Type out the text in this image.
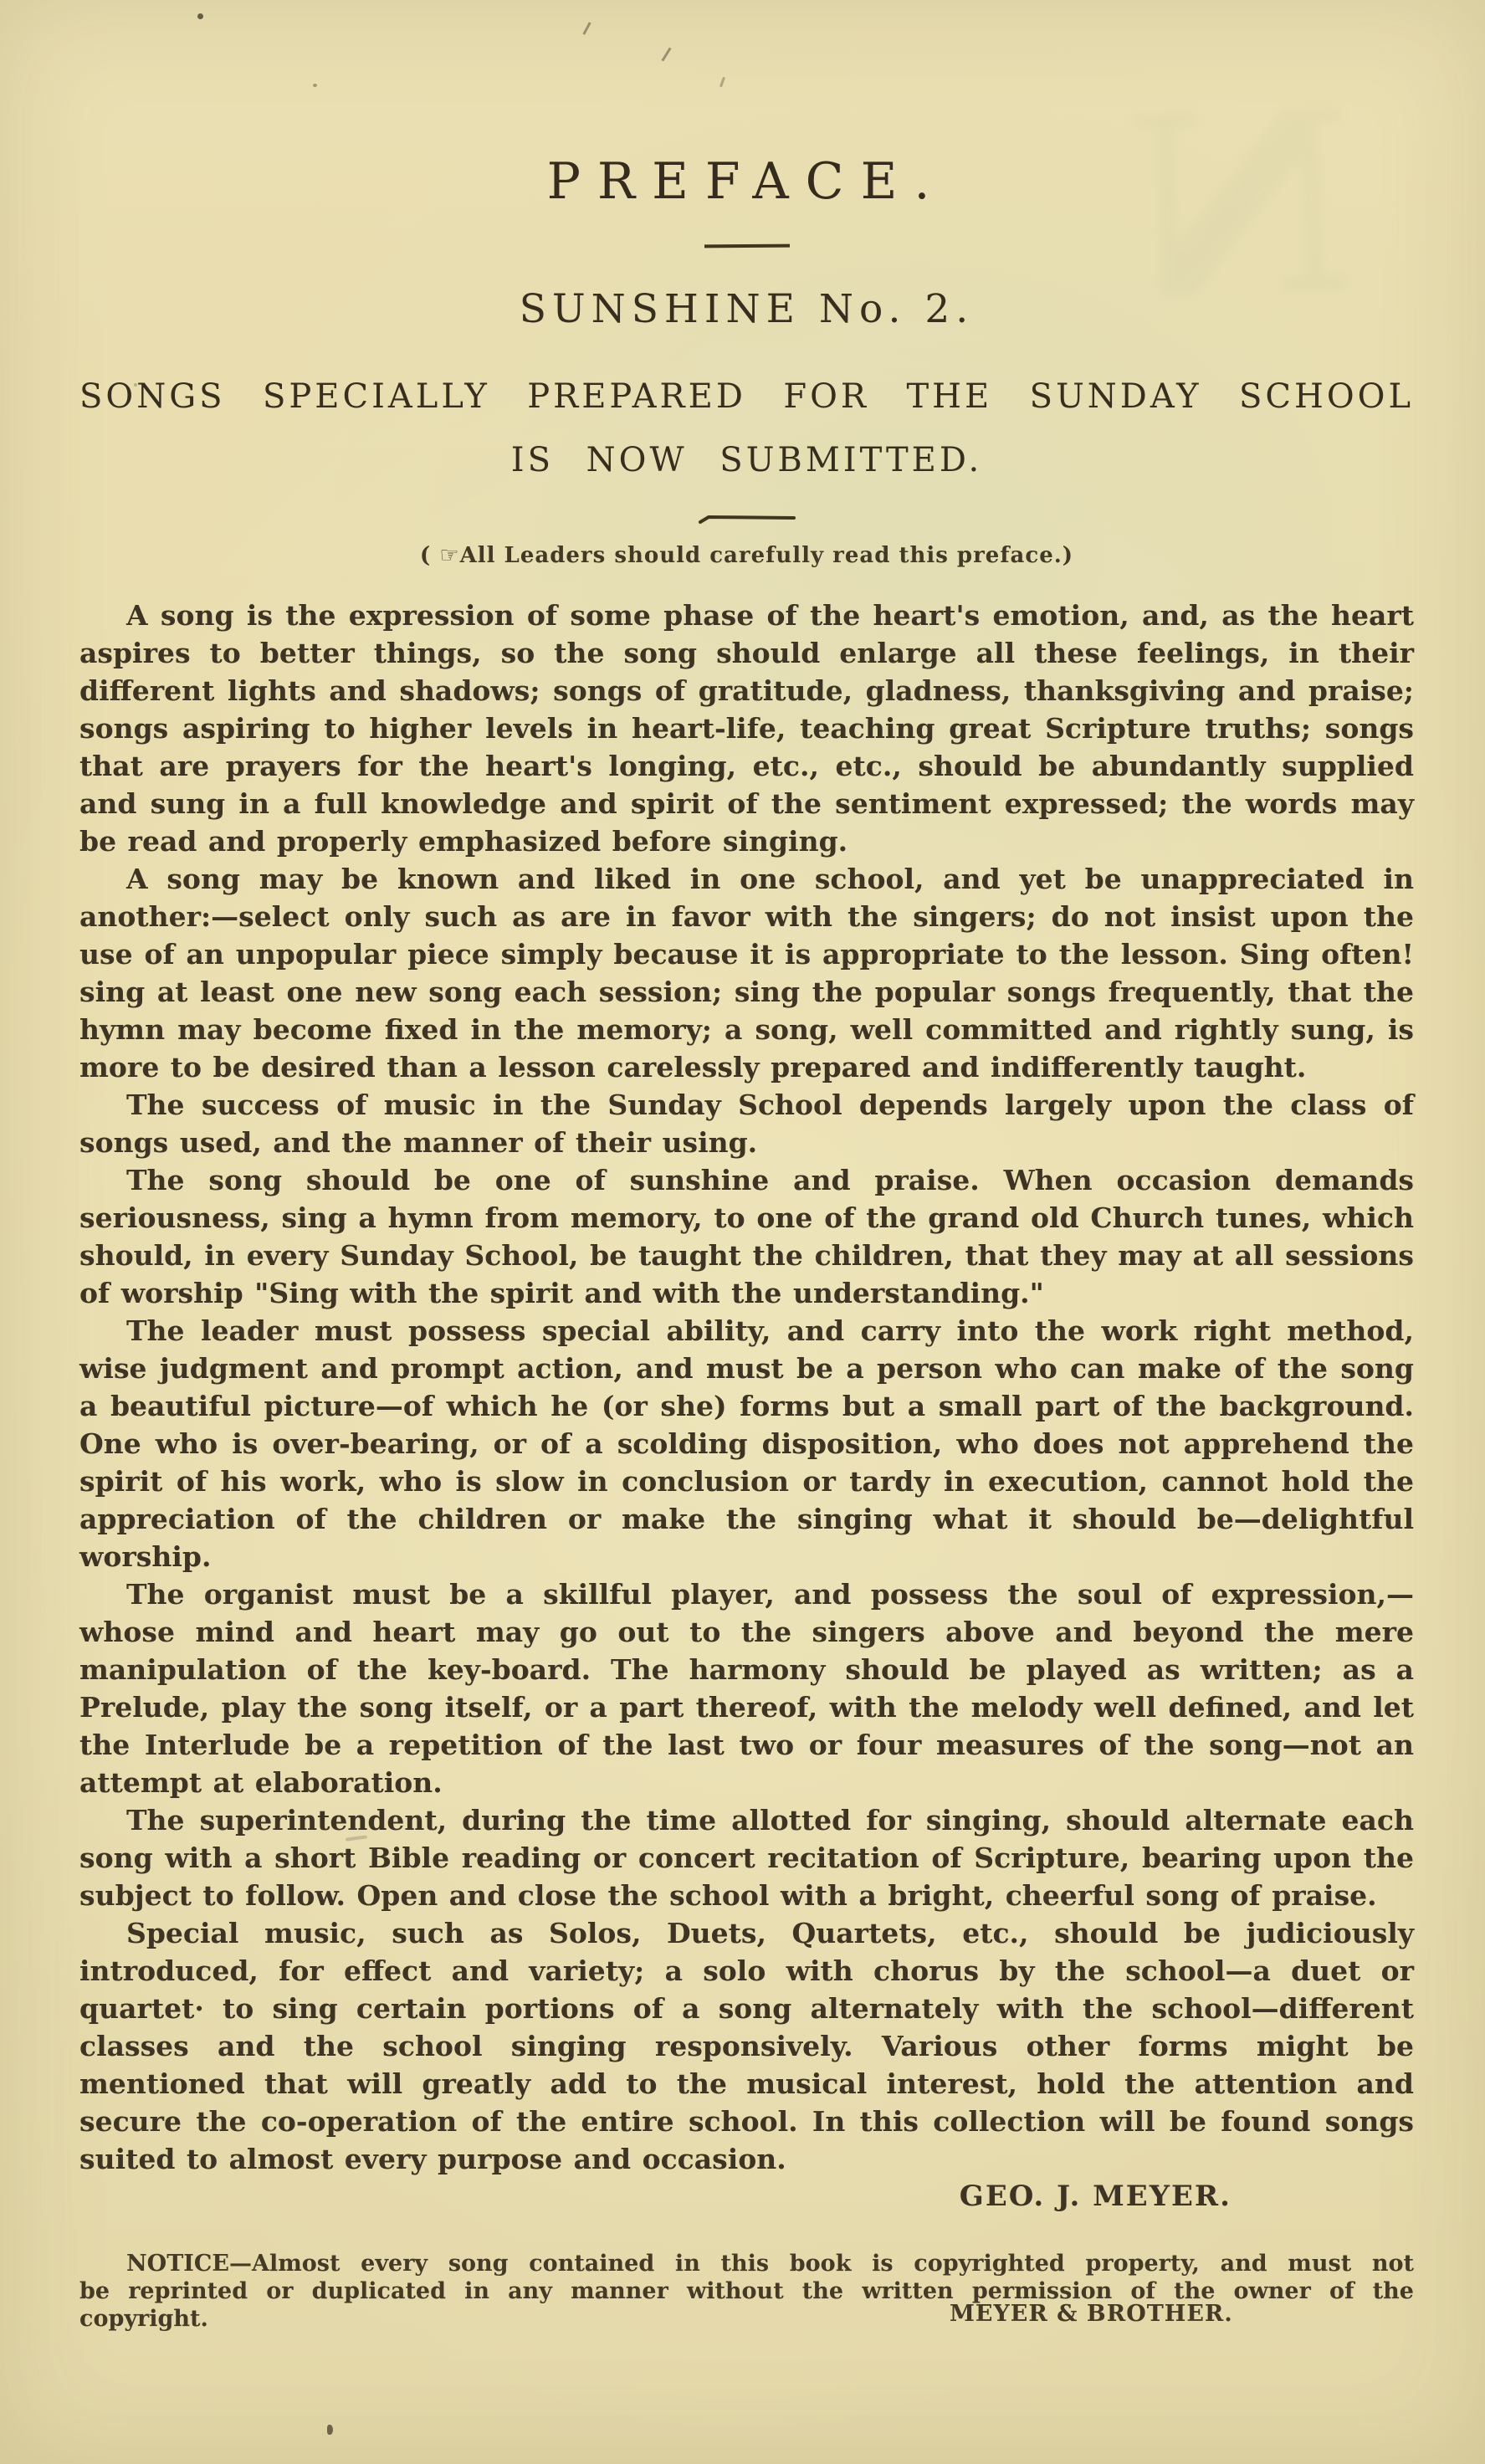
N
PREFACE.
SUNSHINE No. 2.
SONGS SPECIALLY PREPARED FOR THE SUNDAY SCHOOL
IS NOW SUBMITTED.

( ☞All Leaders should carefully read this preface.)

A song is the expression of some phase of the heart's emotion, and, as the heart aspires to better things, so the song should enlarge all these feelings, in their different lights and shadows; songs of gratitude, gladness, thanksgiving and praise; songs aspiring to higher levels in heart-life, teaching great Scripture truths; songs that are prayers for the heart's longing, etc., etc., should be abundantly supplied and sung in a full knowledge and spirit of the sentiment expressed; the words may be read and properly emphasized before singing.

A song may be known and liked in one school, and yet be unappreciated in another:—select only such as are in favor with the singers; do not insist upon the use of an unpopular piece simply because it is appropriate to the lesson. Sing often! sing at least one new song each session; sing the popular songs frequently, that the hymn may become fixed in the memory; a song, well committed and rightly sung, is more to be desired than a lesson carelessly prepared and indifferently taught.

The success of music in the Sunday School depends largely upon the class of songs used, and the manner of their using.

The song should be one of sunshine and praise. When occasion demands seriousness, sing a hymn from memory, to one of the grand old Church tunes, which should, in every Sunday School, be taught the children, that they may at all sessions of worship "Sing with the spirit and with the understanding."

The leader must possess special ability, and carry into the work right method, wise judgment and prompt action, and must be a person who can make of the song a beautiful picture—of which he (or she) forms but a small part of the background. One who is over-bearing, or of a scolding disposition, who does not apprehend the spirit of his work, who is slow in conclusion or tardy in execution, cannot hold the appreciation of the children or make the singing what it should be—delightful worship.

The organist must be a skillful player, and possess the soul of expression,— whose mind and heart may go out to the singers above and beyond the mere manipulation of the key-board. The harmony should be played as written; as a Prelude, play the song itself, or a part thereof, with the melody well defined, and let the Interlude be a repetition of the last two or four measures of the song—not an attempt at elaboration.

The superintendent, during the time allotted for singing, should alternate each song with a short Bible reading or concert recitation of Scripture, bearing upon the subject to follow. Open and close the school with a bright, cheerful song of praise.

Special music, such as Solos, Duets, Quartets, etc., should be judiciously introduced, for effect and variety; a solo with chorus by the school—a duet or quartet· to sing certain portions of a song alternately with the school—different classes and the school singing responsively. Various other forms might be mentioned that will greatly add to the musical interest, hold the attention and secure the co-operation of the entire school. In this collection will be found songs suited to almost every purpose and occasion.

GEO. J. MEYER.

NOTICE—Almost every song contained in this book is copyrighted property, and must not

be reprinted or duplicated in any manner without the written permission of the owner of the

copyright.	MEYER & BROTHER.
